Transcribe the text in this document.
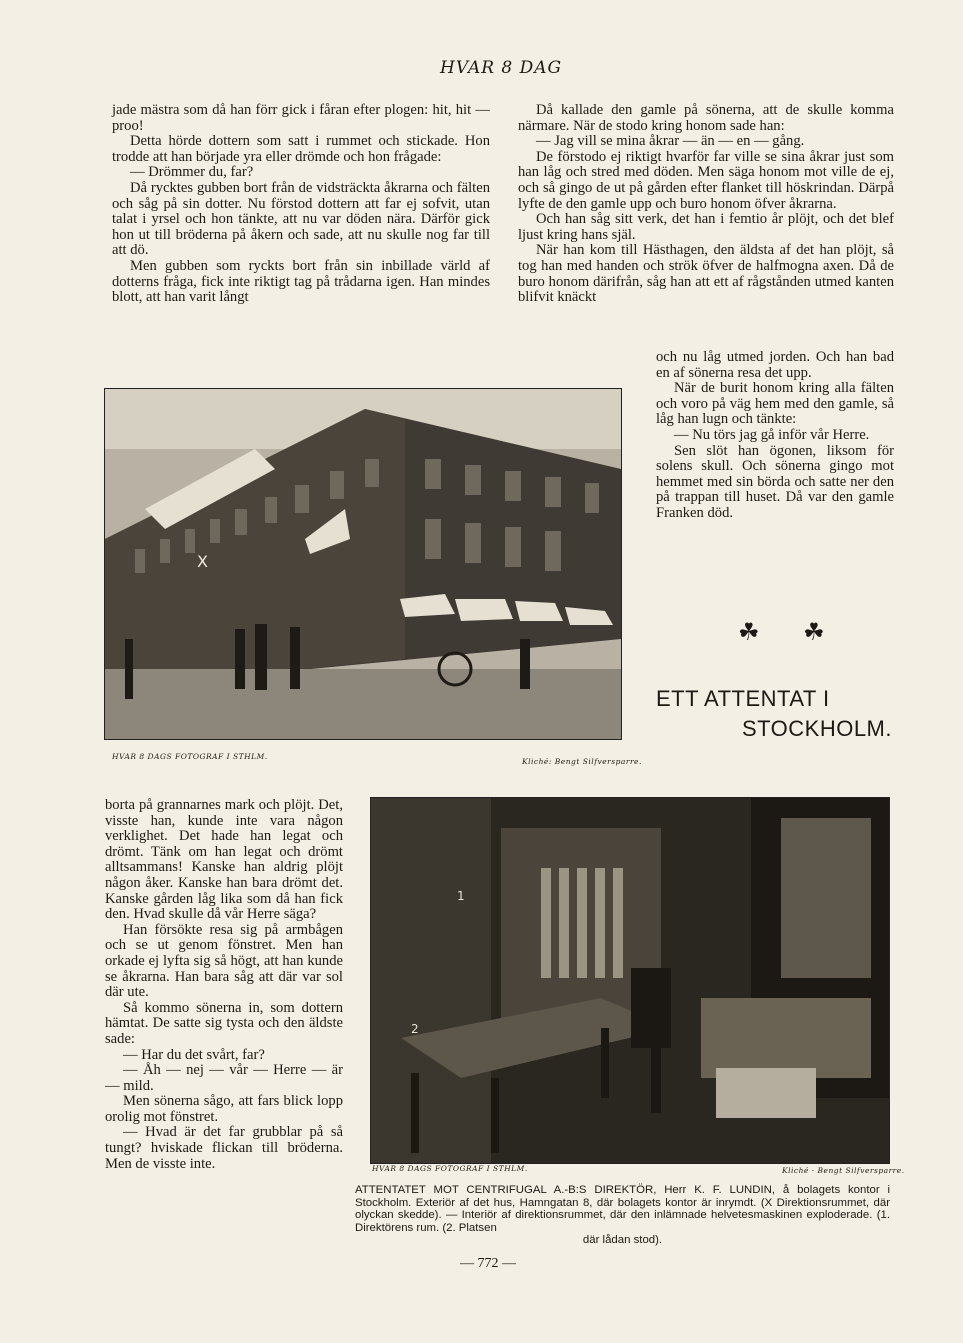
HVAR 8 DAG

jade mästra som då han förr gick i fåran efter plogen: hit, hit — proo!

Detta hörde dottern som satt i rummet och stickade. Hon trodde att han började yra eller drömde och hon frågade:

— Drömmer du, far?

Då rycktes gubben bort från de vidsträckta åkrarna och fälten och såg på sin dotter. Nu förstod dottern att far ej sofvit, utan talat i yrsel och hon tänkte, att nu var döden nära. Därför gick hon ut till bröderna på åkern och sade, att nu skulle nog far till att dö.

Men gubben som ryckts bort från sin inbillade värld af dotterns fråga, fick inte riktigt tag på trådarna igen. Han mindes blott, att han varit långt

Då kallade den gamle på sönerna, att de skulle komma närmare. När de stodo kring honom sade han:

— Jag vill se mina åkrar — än — en — gång.

De förstodo ej riktigt hvarför far ville se sina åkrar just som han låg och stred med döden. Men säga honom mot ville de ej, och så gingo de ut på gården efter flanket till höskrindan. Därpå lyfte de den gamle upp och buro honom öfver åkrarna.

Och han såg sitt verk, det han i femtio år plöjt, och det blef ljust kring hans själ.

När han kom till Hästhagen, den äldsta af det han plöjt, så tog han med handen och strök öfver de halfmogna axen. Då de buro honom därifrån, såg han att ett af rågstånden utmed kanten blifvit knäckt

och nu låg utmed jorden. Och han bad en af sönerna resa det upp.

När de burit honom kring alla fälten och voro på väg hem med den gamle, så låg han lugn och tänkte:

— Nu törs jag gå inför vår Herre.

Sen slöt han ögonen, liksom för solens skull. Och sönerna gingo mot hemmet med sin börda och satte ner den på trappan till huset. Då var den gamle Franken död.

X
HVAR 8 DAGS FOTOGRAF I STHLM.
Kliché: Bengt Silfversparre.
☘ ☘
ETT ATTENTAT I
STOCKHOLM.

borta på grannarnes mark och plöjt. Det, visste han, kunde inte vara någon verklighet. Det hade han legat och drömt. Tänk om han legat och drömt alltsammans! Kanske han aldrig plöjt någon åker. Kanske han bara drömt det. Kanske gården låg lika som då han fick den. Hvad skulle då vår Herre säga?

Han försökte resa sig på armbågen och se ut genom fönstret. Men han orkade ej lyfta sig så högt, att han kunde se åkrarna. Han bara såg att där var sol där ute.

Så kommo sönerna in, som dottern hämtat. De satte sig tysta och den äldste sade:

— Har du det svårt, far?

— Åh — nej — vår — Herre — är — mild.

Men sönerna sågo, att fars blick lopp orolig mot fönstret.

— Hvad är det far grubblar på så tungt? hviskade flickan till bröderna. Men de visste inte.

1
2
HVAR 8 DAGS FOTOGRAF I STHLM.	Kliché · Bengt Silfversparre.
ATTENTATET MOT CENTRIFUGAL A.-B:S DIREKTÖR, Herr K. F. LUNDIN, å bolagets kontor i Stockholm. Exteriör af det hus, Hamngatan 8, där bolagets kontor är inrymdt. (X Direktionsrummet, där olyckan skedde). — Interiör af direktionsrummet, där den inlämnade helvetesmaskinen exploderade. (1. Direktörens rum. (2. Platsen
där lådan stod).
— 772 —
